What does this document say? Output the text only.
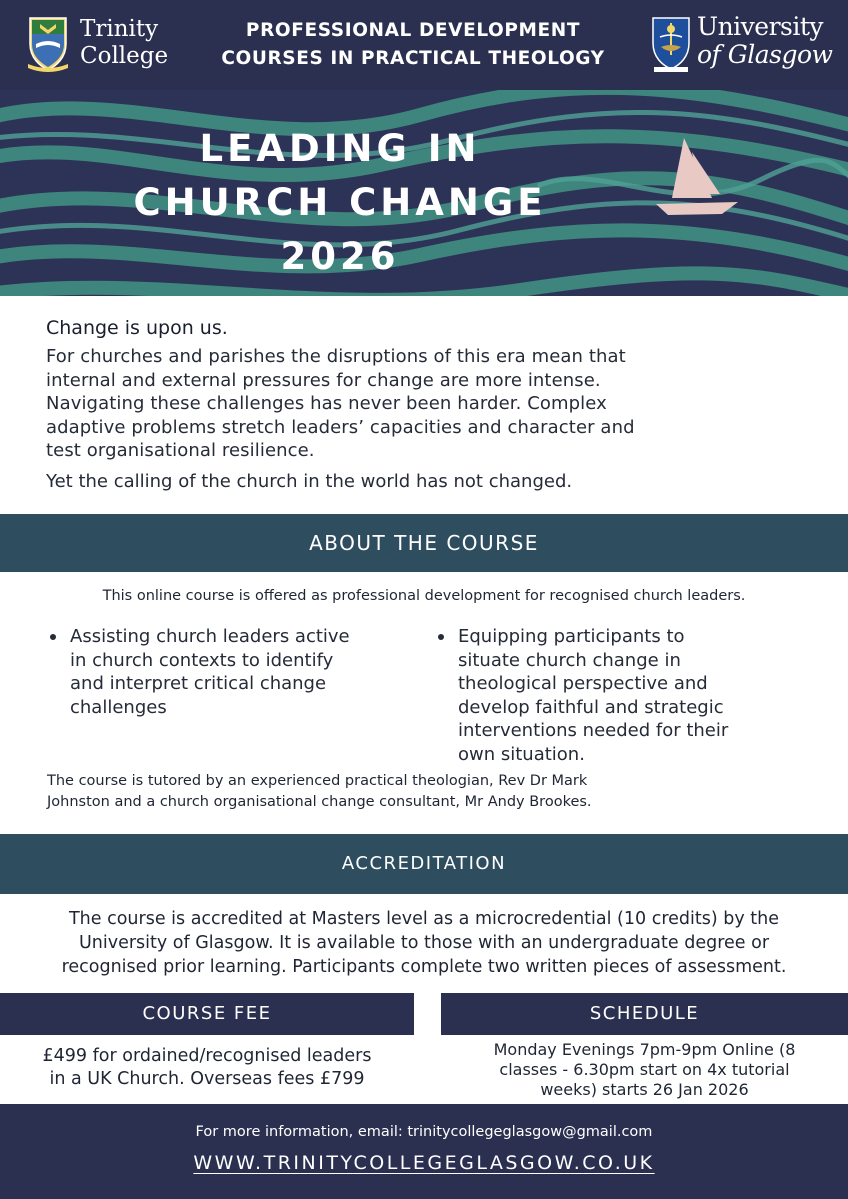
Trinity
College
PROFESSIONAL DEVELOPMENT
COURSES IN PRACTICAL THEOLOGY
University
of Glasgow
LEADING IN
CHURCH CHANGE
2026
Change is upon us.
For churches and parishes the disruptions of this era mean that
internal and external pressures for change are more intense.
Navigating these challenges has never been harder. Complex
adaptive problems stretch leaders’ capacities and character and
test organisational resilience.
Yet the calling of the church in the world has not changed.
ABOUT THE COURSE
This online course is offered as professional development for recognised church leaders.
Assisting church leaders active
in church contexts to identify
and interpret critical change
challenges
Equipping participants to
situate church change in
theological perspective and
develop faithful and strategic
interventions needed for their
own situation.
The course is tutored by an experienced practical theologian, Rev Dr Mark
Johnston and a church organisational change consultant, Mr Andy Brookes.
ACCREDITATION
The course is accredited at Masters level as a microcredential (10 credits) by the
University of Glasgow. It is available to those with an undergraduate degree or
recognised prior learning. Participants complete two written pieces of assessment.
COURSE FEE	SCHEDULE
£499 for ordained/recognised leaders
in a UK Church. Overseas fees £799
Monday Evenings 7pm-9pm Online (8
classes - 6.30pm start on 4x tutorial
weeks) starts 26 Jan 2026
For more information, email: trinitycollegeglasgow@gmail.com
WWW.TRINITYCOLLEGEGLASGOW.CO.UK
